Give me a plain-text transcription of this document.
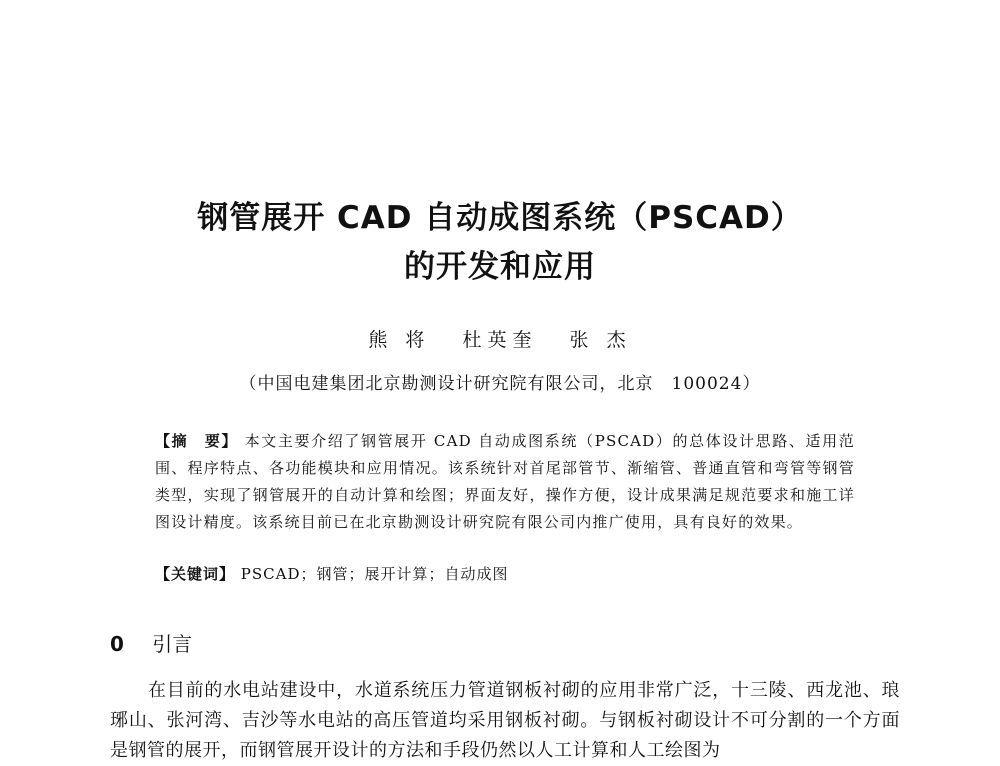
钢管展开 CAD 自动成图系统（PSCAD）
的开发和应用
熊 将 杜英奎 张 杰
（中国电建集团北京勘测设计研究院有限公司，北京　100024）
【摘　要】 本文主要介绍了钢管展开 CAD 自动成图系统（PSCAD）的总体设计思路、适用范围、程序特点、各功能模块和应用情况。该系统针对首尾部管节、渐缩管、普通直管和弯管等钢管类型，实现了钢管展开的自动计算和绘图；界面友好，操作方便，设计成果满足规范要求和施工详图设计精度。该系统目前已在北京勘测设计研究院有限公司内推广使用，具有良好的效果。
【关键词】 PSCAD；钢管；展开计算；自动成图
0 引言
在目前的水电站建设中，水道系统压力管道钢板衬砌的应用非常广泛，十三陵、西龙池、琅琊山、张河湾、吉沙等水电站的高压管道均采用钢板衬砌。与钢板衬砌设计不可分割的一个方面是钢管的展开，而钢管展开设计的方法和手段仍然以人工计算和人工绘图为
